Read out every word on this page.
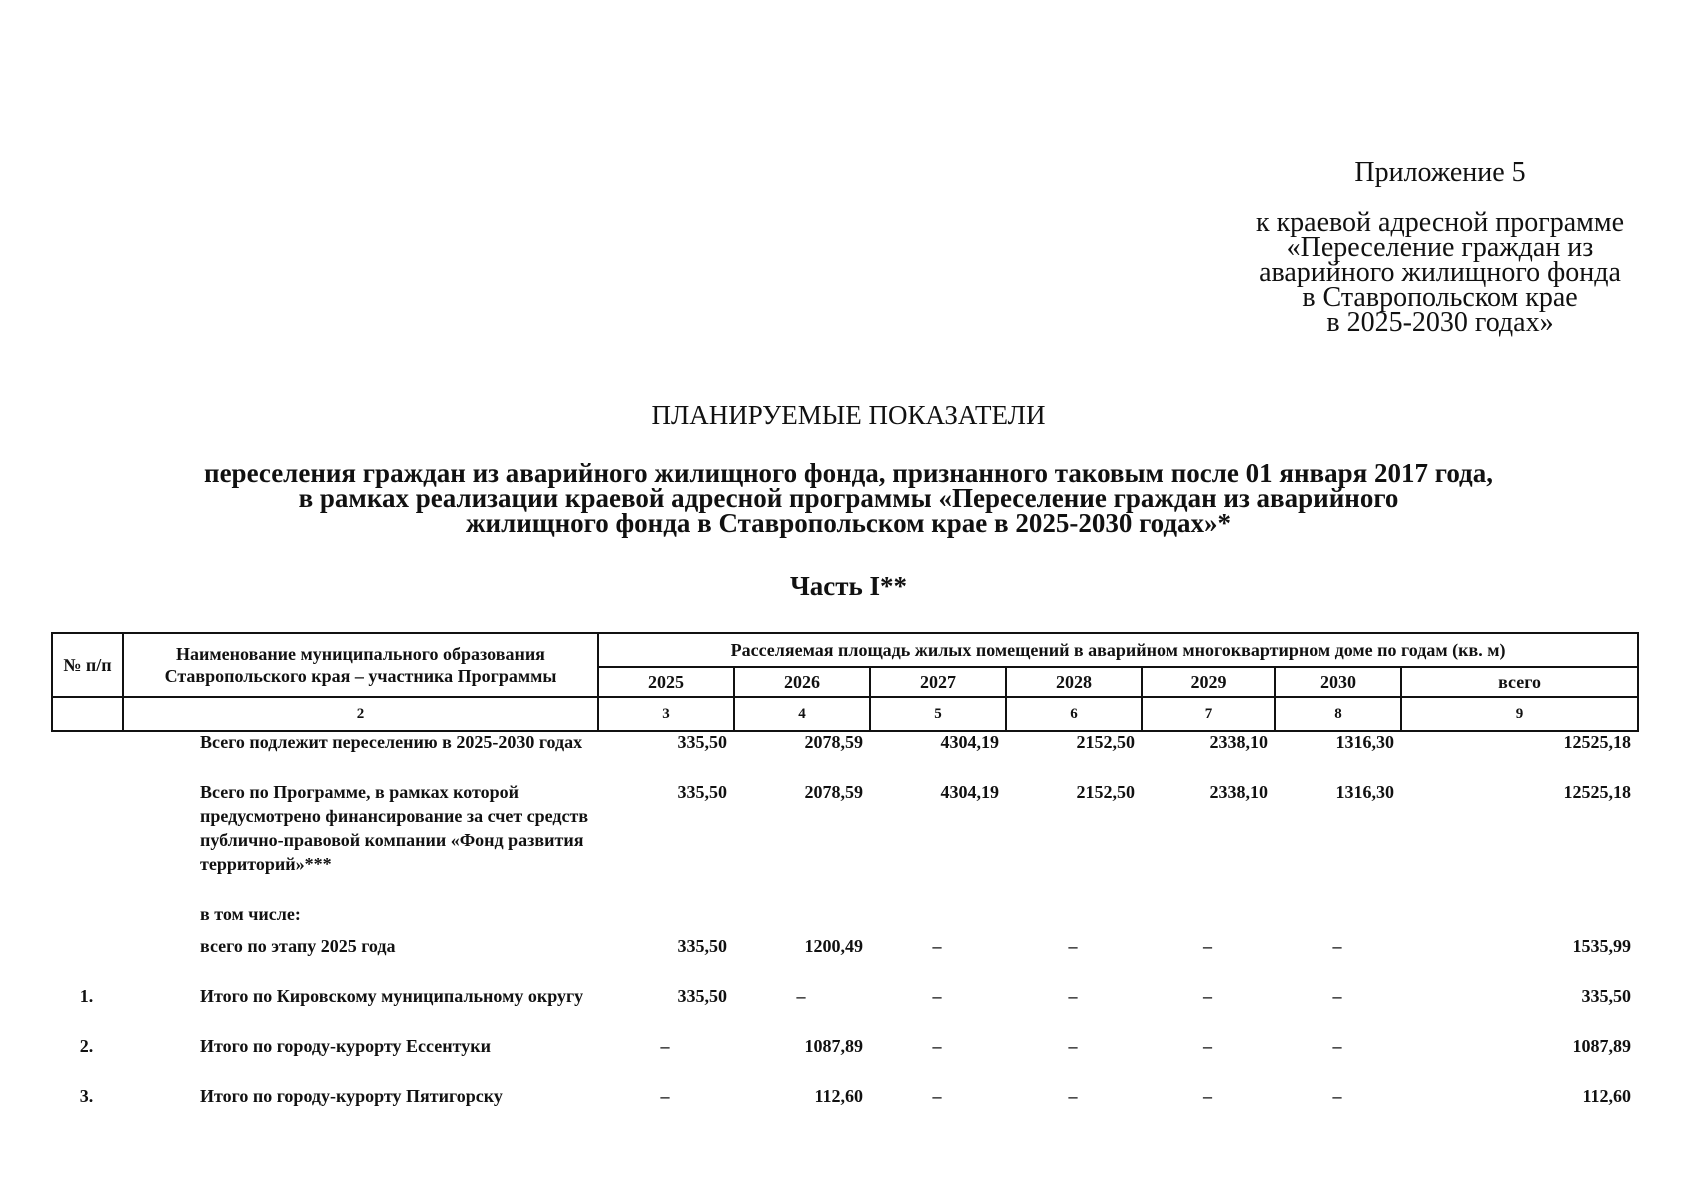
Приложение 5
к краевой адресной программе
«Переселение граждан из
аварийного жилищного фонда
в Ставропольском крае
в 2025-2030 годах»
ПЛАНИРУЕМЫЕ ПОКАЗАТЕЛИ
переселения граждан из аварийного жилищного фонда, признанного таковым после 01 января 2017 года,
в рамках реализации краевой адресной программы «Переселение граждан из аварийного
жилищного фонда в Ставропольском крае в 2025-2030 годах»*
Часть I**
№ п/п	Наименование муниципального образования Ставропольского края – участника Программы	Расселяемая площадь жилых помещений в аварийном многоквартирном доме по годам (кв. м)						
		2025	2026	2027	2028	2029	2030	всего
	2	3	4	5	6	7	8	9
	Всего подлежит переселению в 2025-2030 годах	335,50	2078,59	4304,19	2152,50	2338,10	1316,30	12525,18

	Всего по Программе, в рамках которой предусмотрено финансирование за счет средств публично-правовой компании «Фонд развития территорий»***	335,50	2078,59	4304,19	2152,50	2338,10	1316,30	12525,18

	в том числе:							

	всего по этапу 2025 года	335,50	1200,49	–	–	–	–	1535,99

1.	Итого по Кировскому муниципальному округу	335,50	–	–	–	–	–	335,50

2.	Итого по городу-курорту Ессентуки	–	1087,89	–	–	–	–	1087,89

3.	Итого по городу-курорту Пятигорску	–	112,60	–	–	–	–	112,60
